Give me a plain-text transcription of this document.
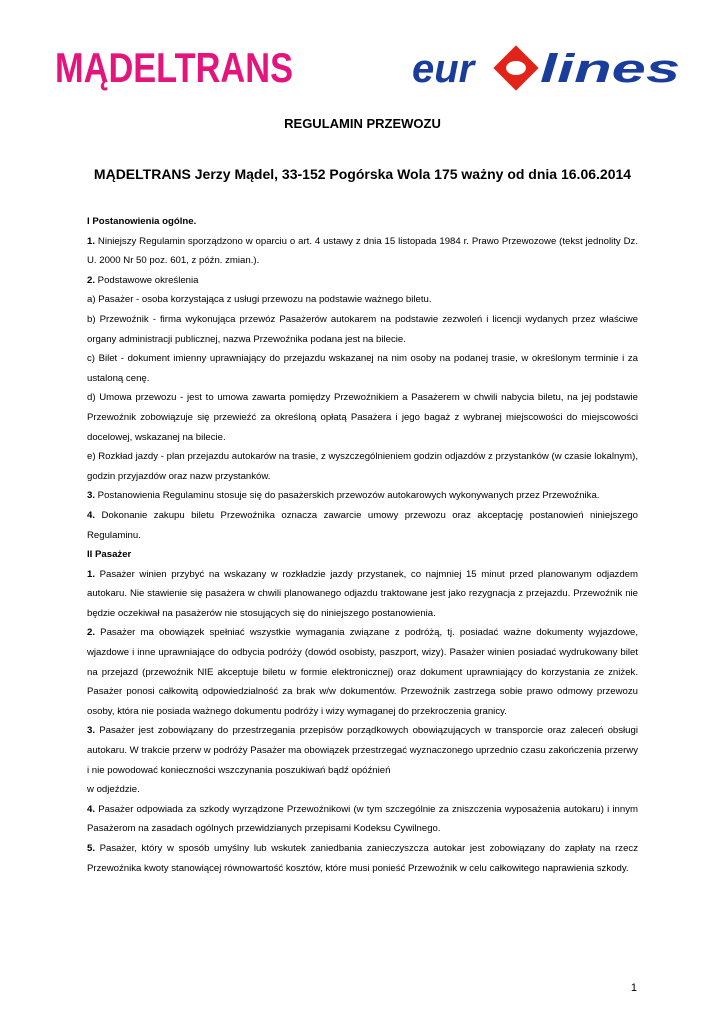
MĄDELTRANS	eur lines
REGULAMIN PRZEWOZU
MĄDELTRANS Jerzy Mądel, 33-152 Pogórska Wola 175 ważny od dnia 16.06.2014

I Postanowienia ogólne.

1. Niniejszy Regulamin sporządzono w oparciu o art. 4 ustawy z dnia 15 listopada 1984 r. Prawo Przewozowe (tekst jednolity Dz. U. 2000 Nr 50 poz. 601, z późn. zmian.).

2. Podstawowe określenia

a) Pasażer - osoba korzystająca z usługi przewozu na podstawie ważnego biletu.

b) Przewoźnik - firma wykonująca przewóz Pasażerów autokarem na podstawie zezwoleń i licencji wydanych przez właściwe organy administracji publicznej, nazwa Przewoźnika podana jest na bilecie.

c) Bilet - dokument imienny uprawniający do przejazdu wskazanej na nim osoby na podanej trasie, w określonym terminie i za ustaloną cenę.

d) Umowa przewozu - jest to umowa zawarta pomiędzy Przewoźnikiem a Pasażerem w chwili nabycia biletu, na jej podstawie Przewoźnik zobowiązuje się przewieźć za określoną opłatą Pasażera i jego bagaż z wybranej miejscowości do miejscowości docelowej, wskazanej na bilecie.

e) Rozkład jazdy - plan przejazdu autokarów na trasie, z wyszczególnieniem godzin odjazdów z przystanków (w czasie lokalnym), godzin przyjazdów oraz nazw przystanków.

3. Postanowienia Regulaminu stosuje się do pasażerskich przewozów autokarowych wykonywanych przez Przewoźnika.

4. Dokonanie zakupu biletu Przewoźnika oznacza zawarcie umowy przewozu oraz akceptację postanowień niniejszego Regulaminu.

II Pasażer

1. Pasażer winien przybyć na wskazany w rozkładzie jazdy przystanek, co najmniej 15 minut przed planowanym odjazdem autokaru. Nie stawienie się pasażera w chwili planowanego odjazdu traktowane jest jako rezygnacja z przejazdu. Przewoźnik nie będzie oczekiwał na pasażerów nie stosujących się do niniejszego postanowienia.

2. Pasażer ma obowiązek spełniać wszystkie wymagania związane z podróżą, tj. posiadać ważne dokumenty wyjazdowe, wjazdowe i inne uprawniające do odbycia podróży (dowód osobisty, paszport, wizy). Pasażer winien posiadać wydrukowany bilet na przejazd (przewoźnik NIE akceptuje biletu w formie elektronicznej) oraz dokument uprawniający do korzystania ze zniżek. Pasażer ponosi całkowitą odpowiedzialność za brak w/w dokumentów. Przewoźnik zastrzega sobie prawo odmowy przewozu osoby, która nie posiada ważnego dokumentu podróży i wizy wymaganej do przekroczenia granicy.

3. Pasażer jest zobowiązany do przestrzegania przepisów porządkowych obowiązujących w transporcie oraz zaleceń obsługi autokaru. W trakcie przerw w podróży Pasażer ma obowiązek przestrzegać wyznaczonego uprzednio czasu zakończenia przerwy i nie powodować konieczności wszczynania poszukiwań bądź opóźnień

w odjeździe.

4. Pasażer odpowiada za szkody wyrządzone Przewoźnikowi (w tym szczególnie za zniszczenia wyposażenia autokaru) i innym Pasażerom na zasadach ogólnych przewidzianych przepisami Kodeksu Cywilnego.

5. Pasażer, który w sposób umyślny lub wskutek zaniedbania zanieczyszcza autokar jest zobowiązany do zapłaty na rzecz Przewoźnika kwoty stanowiącej równowartość kosztów, które musi ponieść Przewoźnik w celu całkowitego naprawienia szkody.

1
